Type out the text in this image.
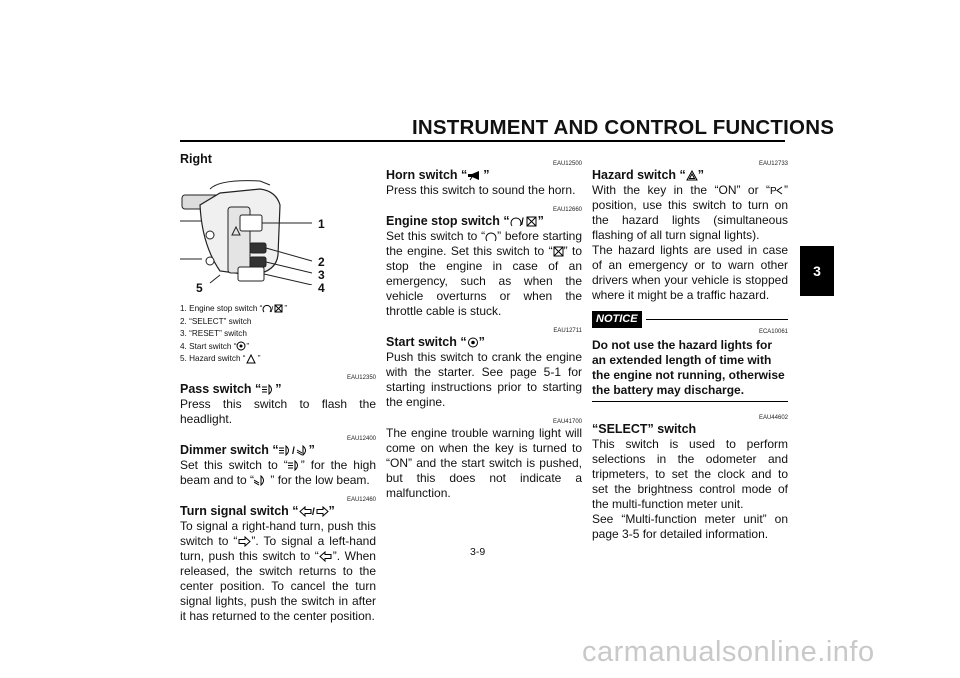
INSTRUMENT AND CONTROL FUNCTIONS
3

Right

1
2
3
4
5

1. Engine stop switch “ / ”

2. “SELECT” switch

3. “RESET” switch

4. Start switch “ ”

5. Hazard switch “ ”

EAU12350

Pass switch “ ”

Press this switch to flash the headlight.

EAU12400

Dimmer switch “ / ”

Set this switch to “ ” for the high beam and to “ ” for the low beam.

EAU12460

Turn signal switch “ / ”

To signal a right-hand turn, push this switch to “ ”. To signal a left-hand turn, push this switch to “ ”. When released, the switch returns to the center position. To cancel the turn signal lights, push the switch in after it has returned to the center position.

EAU12500

Horn switch “ ”

Press this switch to sound the horn.

EAU12660

Engine stop switch “ / ”

Set this switch to “ ” before starting the engine. Set this switch to “ ” to stop the engine in case of an emergency, such as when the vehicle overturns or when the throttle cable is stuck.

EAU12711

Start switch “ ”

Push this switch to crank the engine with the starter. See page 5-1 for starting instructions prior to starting the engine.

EAU41700

The engine trouble warning light will come on when the key is turned to “ON” and the start switch is pushed, but this does not indicate a malfunction.

EAU12733

Hazard switch “ ”

With the key in the “ON” or “ P ” position, use this switch to turn on the hazard lights (simultaneous flashing of all turn signal lights).

The hazard lights are used in case of an emergency or to warn other drivers when your vehicle is stopped where it might be a traffic hazard.

NOTICE
ECA10061

Do not use the hazard lights for an extended length of time with the engine not running, otherwise the battery may discharge.

EAU44602

“SELECT” switch

This switch is used to perform selections in the odometer and tripmeters, to set the clock and to set the brightness control mode of the multi-function meter unit.

See “Multi-function meter unit” on page 3-5 for detailed information.

3-9
carmanualsonline.info
